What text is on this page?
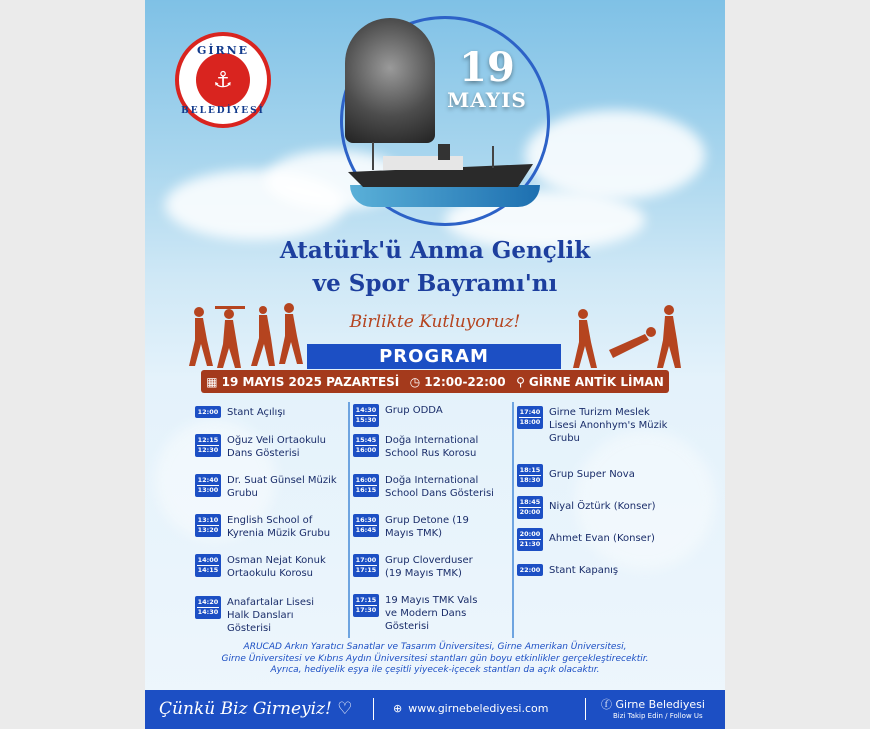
GİRNE
⚓
BELEDİYESİ
19
MAYIS
Atatürk'ü Anma Gençlik
ve Spor Bayramı'nı
Birlikte Kutluyoruz!
PROGRAM
▦ 19 MAYIS 2025 PAZARTESİ ◷ 12:00-22:00 ⚲ GİRNE ANTİK LİMAN
12:00 Stant Açılışı
12:15
12:30
Oğuz Veli Ortaokulu Dans Gösterisi
12:40
13:00
Dr. Suat Günsel Müzik Grubu
13:10
13:20
English School of Kyrenia Müzik Grubu
14:00
14:15
Osman Nejat Konuk Ortaokulu Korosu
14:20
14:30
Anafartalar Lisesi Halk Dansları Gösterisi
14:30
15:30
Grup ODDA
15:45
16:00
Doğa International School Rus Korosu
16:00
16:15
Doğa International School Dans Gösterisi
16:30
16:45
Grup Detone (19 Mayıs TMK)
17:00
17:15
Grup Cloverduser (19 Mayıs TMK)
17:15
17:30
19 Mayıs TMK Vals ve Modern Dans Gösterisi
17:40
18:00
Girne Turizm Meslek Lisesi Anonhym's Müzik Grubu
18:15
18:30 Grup Super Nova
18:45
20:00 Niyal Öztürk (Konser)
20:00
21:30 Ahmet Evan (Konser)
22:00 Stant Kapanış
ARUCAD Arkın Yaratıcı Sanatlar ve Tasarım Üniversitesi, Girne Amerikan Üniversitesi,
Girne Üniversitesi ve Kıbrıs Aydın Üniversitesi stantları gün boyu etkinlikler gerçekleştirecektir.
Ayrıca, hediyelik eşya ile çeşitli yiyecek-içecek stantları da açık olacaktır.
Çünkü Biz Girneyiz! ♡	⊕ www.girnebelediyesi.com	ⓕ Girne Belediyesi
Bizi Takip Edin / Follow Us
